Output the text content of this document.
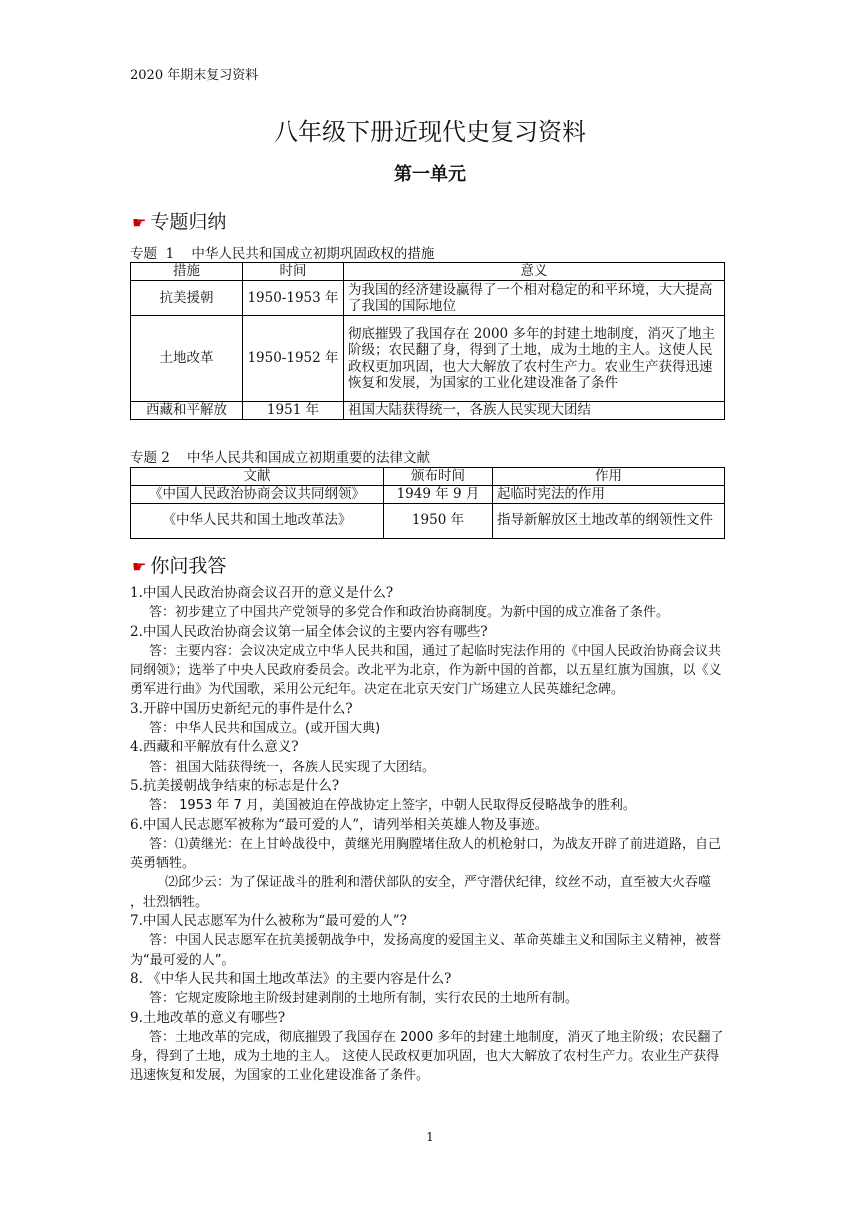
2020 年期末复习资料
八年级下册近现代史复习资料
第一单元
☛ 专题归纳
专题  1    中华人民共和国成立初期巩固政权的措施
措施	时间	意义
抗美援朝	1950-1953 年	为我国的经济建设赢得了一个相对稳定的和平环境，大大提高了我国的国际地位
土地改革	1950-1952 年	彻底摧毁了我国存在 2000 多年的封建土地制度，消灭了地主阶级；农民翻了身，得到了土地，成为土地的主人。这使人民政权更加巩固，也大大解放了农村生产力。农业生产获得迅速恢复和发展，为国家的工业化建设准备了条件
西藏和平解放	1951 年	祖国大陆获得统一，各族人民实现大团结
专题 2    中华人民共和国成立初期重要的法律文献
文献	颁布时间	作用
《中国人民政治协商会议共同纲领》	1949 年 9 月	起临时宪法的作用
《中华人民共和国土地改革法》	1950 年	指导新解放区土地改革的纲领性文件
☛ 你问我答
1.中国人民政治协商会议召开的意义是什么?
答：初步建立了中国共产党领导的多党合作和政治协商制度。为新中国的成立准备了条件。
2.中国人民政治协商会议第一届全体会议的主要内容有哪些?
答：主要内容：会议决定成立中华人民共和国，通过了起临时宪法作用的《中国人民政治协商会议共同纲领》；选举了中央人民政府委员会。改北平为北京，作为新中国的首都，以五星红旗为国旗，以《义勇军进行曲》为代国歌，采用公元纪年。决定在北京天安门广场建立人民英雄纪念碑。
3.开辟中国历史新纪元的事件是什么?
答：中华人民共和国成立。(或开国大典)
4.西藏和平解放有什么意义?
答：祖国大陆获得统一，各族人民实现了大团结。
5.抗美援朝战争结束的标志是什么?
答： 1953 年 7 月，美国被迫在停战协定上签字，中朝人民取得反侵略战争的胜利。
6.中国人民志愿军被称为“最可爱的人”，请列举相关英雄人物及事迹。
答：⑴黄继光：在上甘岭战役中，黄继光用胸膛堵住敌人的机枪射口，为战友开辟了前进道路，自己英勇牺牲。
⑵邱少云：为了保证战斗的胜利和潜伏部队的安全，严守潜伏纪律，纹丝不动，直至被大火吞噬 ，壮烈牺牲。
7.中国人民志愿军为什么被称为“最可爱的人”?
答：中国人民志愿军在抗美援朝战争中，发扬高度的爱国主义、革命英雄主义和国际主义精神，被誉为“最可爱的人”。
8. 《中华人民共和国土地改革法》的主要内容是什么?
答：它规定废除地主阶级封建剥削的土地所有制，实行农民的土地所有制。
9.土地改革的意义有哪些?
答：土地改革的完成，彻底摧毁了我国存在 2000 多年的封建土地制度，消灭了地主阶级；农民翻了身，得到了土地，成为土地的主人。 这使人民政权更加巩固，也大大解放了农村生产力。农业生产获得迅速恢复和发展，为国家的工业化建设准备了条件。
1
